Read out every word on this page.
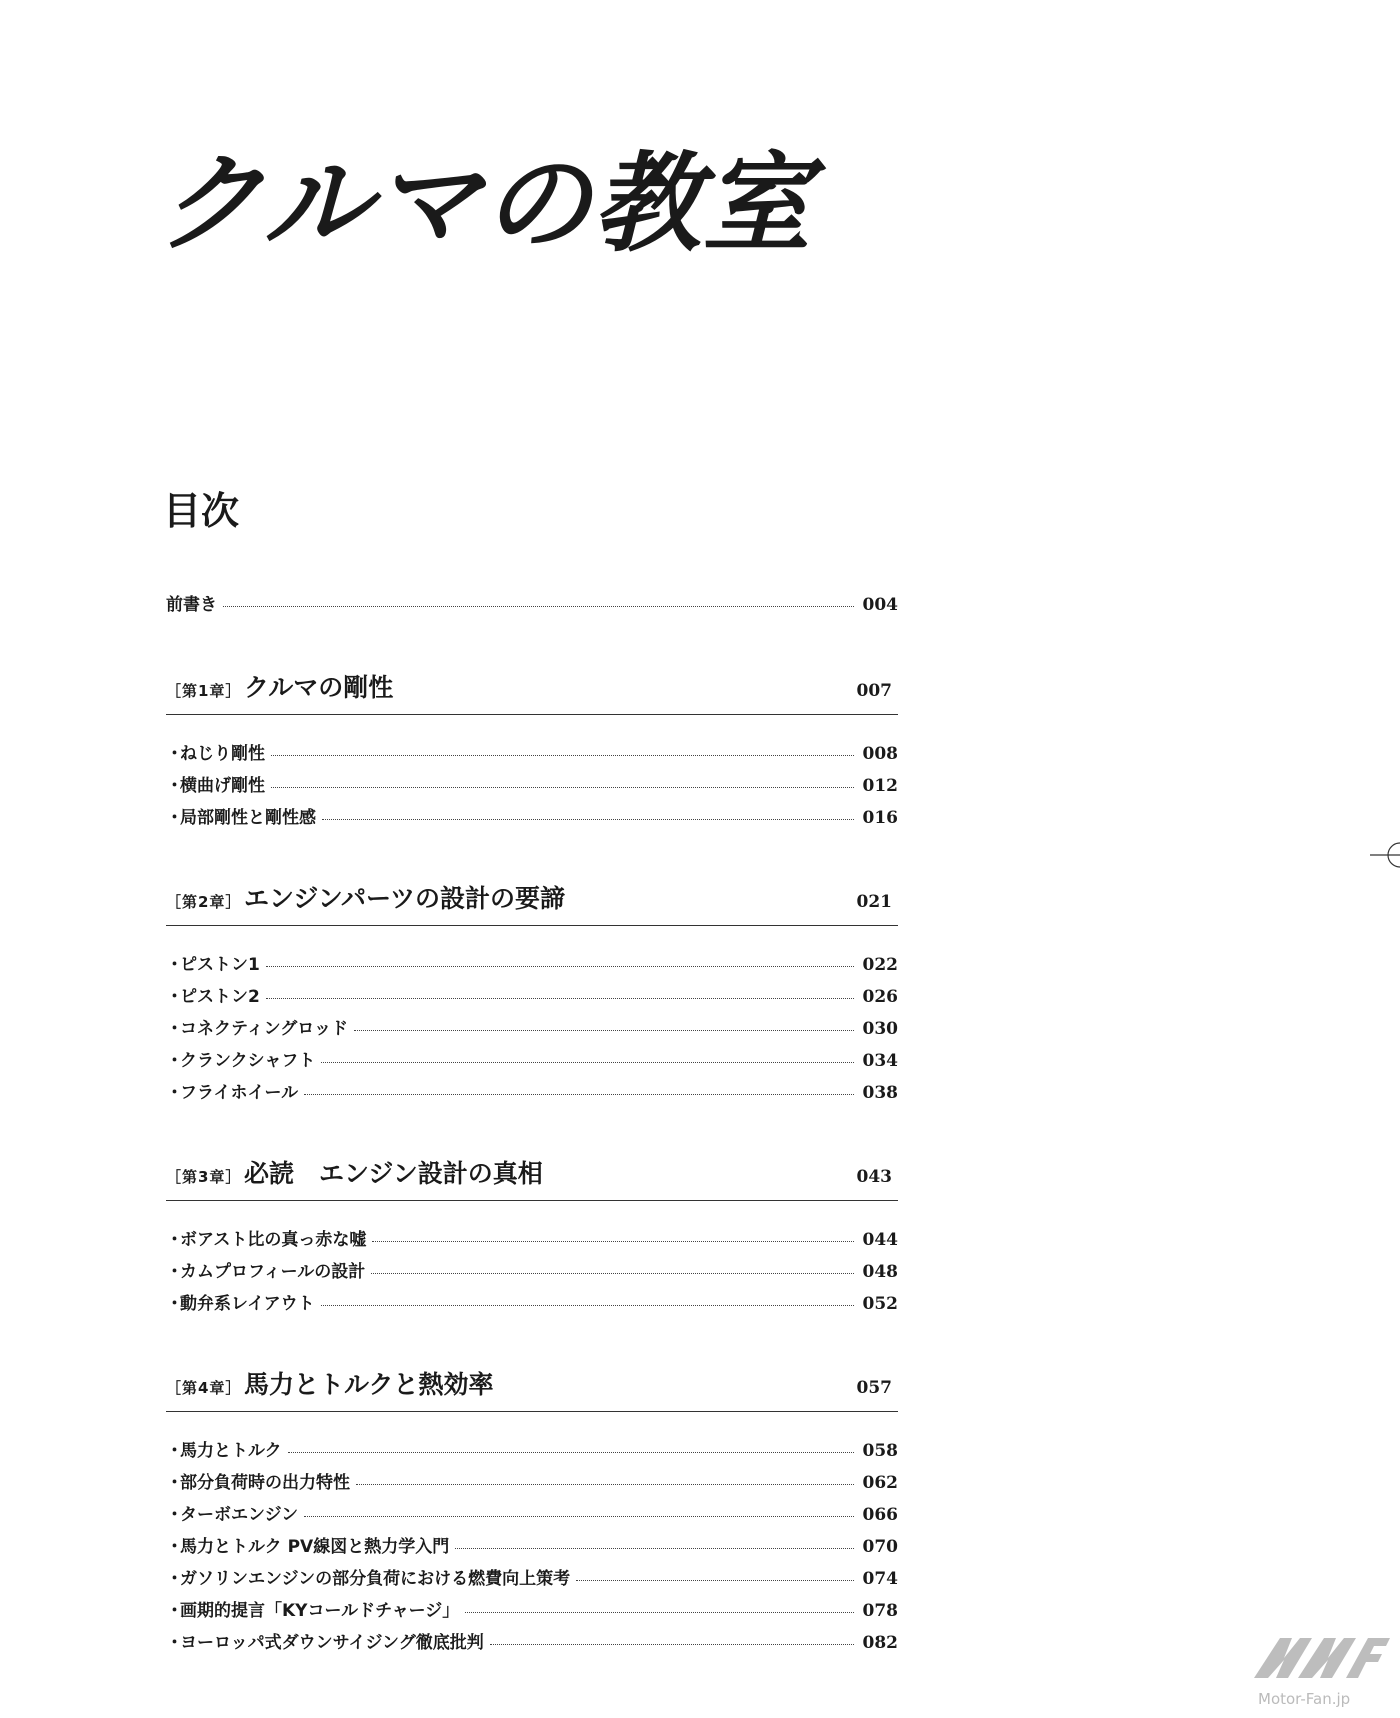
クルマの教室
目次
前書き	004
［第1章］ クルマの剛性	007
・
ねじり剛性	008
・
横曲げ剛性	012
・
局部剛性と剛性感	016
［第2章］ エンジンパーツの設計の要諦	021
・
ピストン1	022
・
ピストン2	026
・
コネクティングロッド	030
・
クランクシャフト	034
・
フライホイール	038
［第3章］ 必読　エンジン設計の真相	043
・
ボアスト比の真っ赤な嘘	044
・
カムプロフィールの設計	048
・
動弁系レイアウト	052
［第4章］ 馬力とトルクと熱効率	057
・
馬力とトルク	058
・
部分負荷時の出力特性	062
・
ターボエンジン	066
・
馬力とトルク PV線図と熱力学入門	070
・
ガソリンエンジンの部分負荷における燃費向上策考	074
・
画期的提言「KYコールドチャージ」	078
・
ヨーロッパ式ダウンサイジング徹底批判	082
Motor-Fan.jp
